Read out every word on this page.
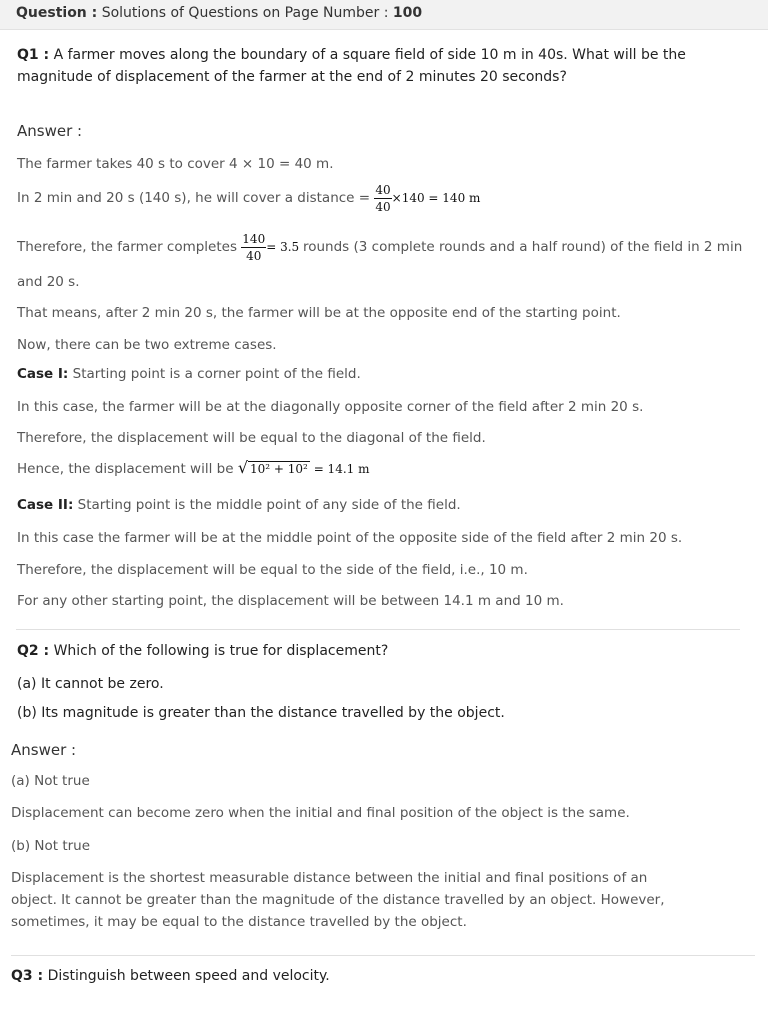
Question : Solutions of Questions on Page Number : 100
Q1 : A farmer moves along the boundary of a square field of side 10 m in 40s. What will be the
magnitude of displacement of the farmer at the end of 2 minutes 20 seconds?
Answer :
The farmer takes 40 s to cover 4 × 10 = 40 m.
In 2 min and 20 s (140 s), he will cover a distance = $\frac{40}{40} \times 140 = 140$ m
Therefore, the farmer completes $\frac{140}{40} = 3.5$ rounds (3 complete rounds and a half round) of the field in 2 min
and 20 s.
That means, after 2 min 20 s, the farmer will be at the opposite end of the starting point.
Now, there can be two extreme cases.
Case I: Starting point is a corner point of the field.
In this case, the farmer will be at the diagonally opposite corner of the field after 2 min 20 s.
Therefore, the displacement will be equal to the diagonal of the field.
Hence, the displacement will be √ 10² + 10² = 14.1 m
Case II: Starting point is the middle point of any side of the field.
In this case the farmer will be at the middle point of the opposite side of the field after 2 min 20 s.
Therefore, the displacement will be equal to the side of the field, i.e., 10 m.
For any other starting point, the displacement will be between 14.1 m and 10 m.
Q2 : Which of the following is true for displacement?
(a) It cannot be zero.
(b) Its magnitude is greater than the distance travelled by the object.
Answer :
(a) Not true
Displacement can become zero when the initial and final position of the object is the same.
(b) Not true
Displacement is the shortest measurable distance between the initial and final positions of an
object. It cannot be greater than the magnitude of the distance travelled by an object. However,
sometimes, it may be equal to the distance travelled by the object.
Q3 : Distinguish between speed and velocity.
